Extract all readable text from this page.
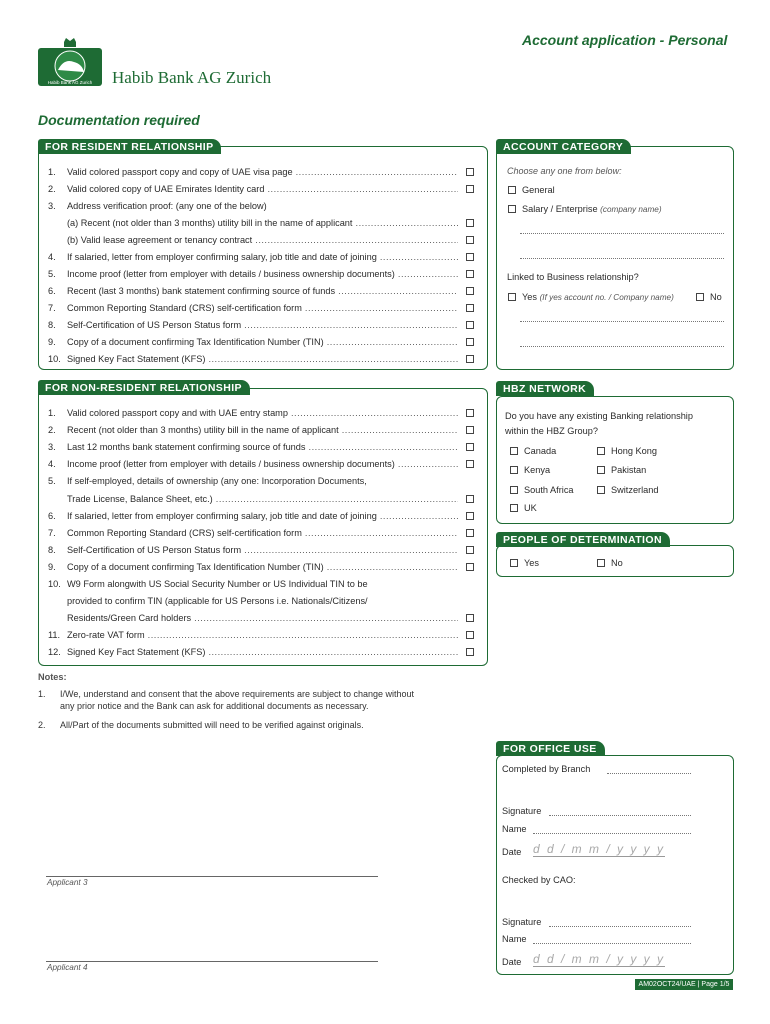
Account application - Personal
Habib Bank AG Zurich Habib Bank AG Zurich
Documentation required
FOR RESIDENT RELATIONSHIP
1. Valid colored passport copy and copy of UAE visa page .....
2. Valid colored copy of UAE Emirates Identity card .....
3. Address verification proof: (any one of the below)
(a) Recent (not older than 3 months) utility bill in the name of applicant .....
(b) Valid lease agreement or tenancy contract .....
4. If salaried, letter from employer confirming salary, job title and date of joining .....
5. Income proof (letter from employer with details / business ownership documents) .....
6. Recent (last 3 months) bank statement confirming source of funds .....
7. Common Reporting Standard (CRS) self-certification form .....
8. Self-Certification of US Person Status form .....
9. Copy of a document confirming Tax Identification Number (TIN) .....
10. Signed Key Fact Statement (KFS) .....
FOR NON-RESIDENT RELATIONSHIP
1. Valid colored passport copy and with UAE entry stamp .....
2. Recent (not older than 3 months) utility bill in the name of applicant .....
3. Last 12 months bank statement confirming source of funds .....
4. Income proof (letter from employer with details / business ownership documents) .....
5. If self-employed, details of ownership (any one: Incorporation Documents,
Trade License, Balance Sheet, etc.) .....
6. If salaried, letter from employer confirming salary, job title and date of joining .....
7. Common Reporting Standard (CRS) self-certification form .....
8. Self-Certification of US Person Status form .....
9. Copy of a document confirming Tax Identification Number (TIN) .....
10. W9 Form alongwith US Social Security Number or US Individual TIN to be
provided to confirm TIN (applicable for US Persons i.e. Nationals/Citizens/
Residents/Green Card holders .....
11. Zero-rate VAT form .....
12. Signed Key Fact Statement (KFS) .....
ACCOUNT CATEGORY
Choose any one from below:
General
Salary / Enterprise (company name)
Linked to Business relationship?
Yes (If yes account no. / Company name)	No
HBZ NETWORK
Do you have any existing Banking relationship
within the HBZ Group?
Canada	Hong Kong
Kenya	Pakistan
South Africa	Switzerland
UK
PEOPLE OF DETERMINATION
Yes	No
Notes:
1. I/We, understand and consent that the above requirements are subject to change without
any prior notice and the Bank can ask for additional documents as necessary.
2. All/Part of the documents submitted will need to be verified against originals.
FOR OFFICE USE
Completed by Branch
Signature
Name
Date d d / m m / y y y y
Checked by CAO:
Signature
Name
Date d d / m m / y y y y
Applicant 3
Applicant 4
AM02OCT24/UAE | Page 1/5
